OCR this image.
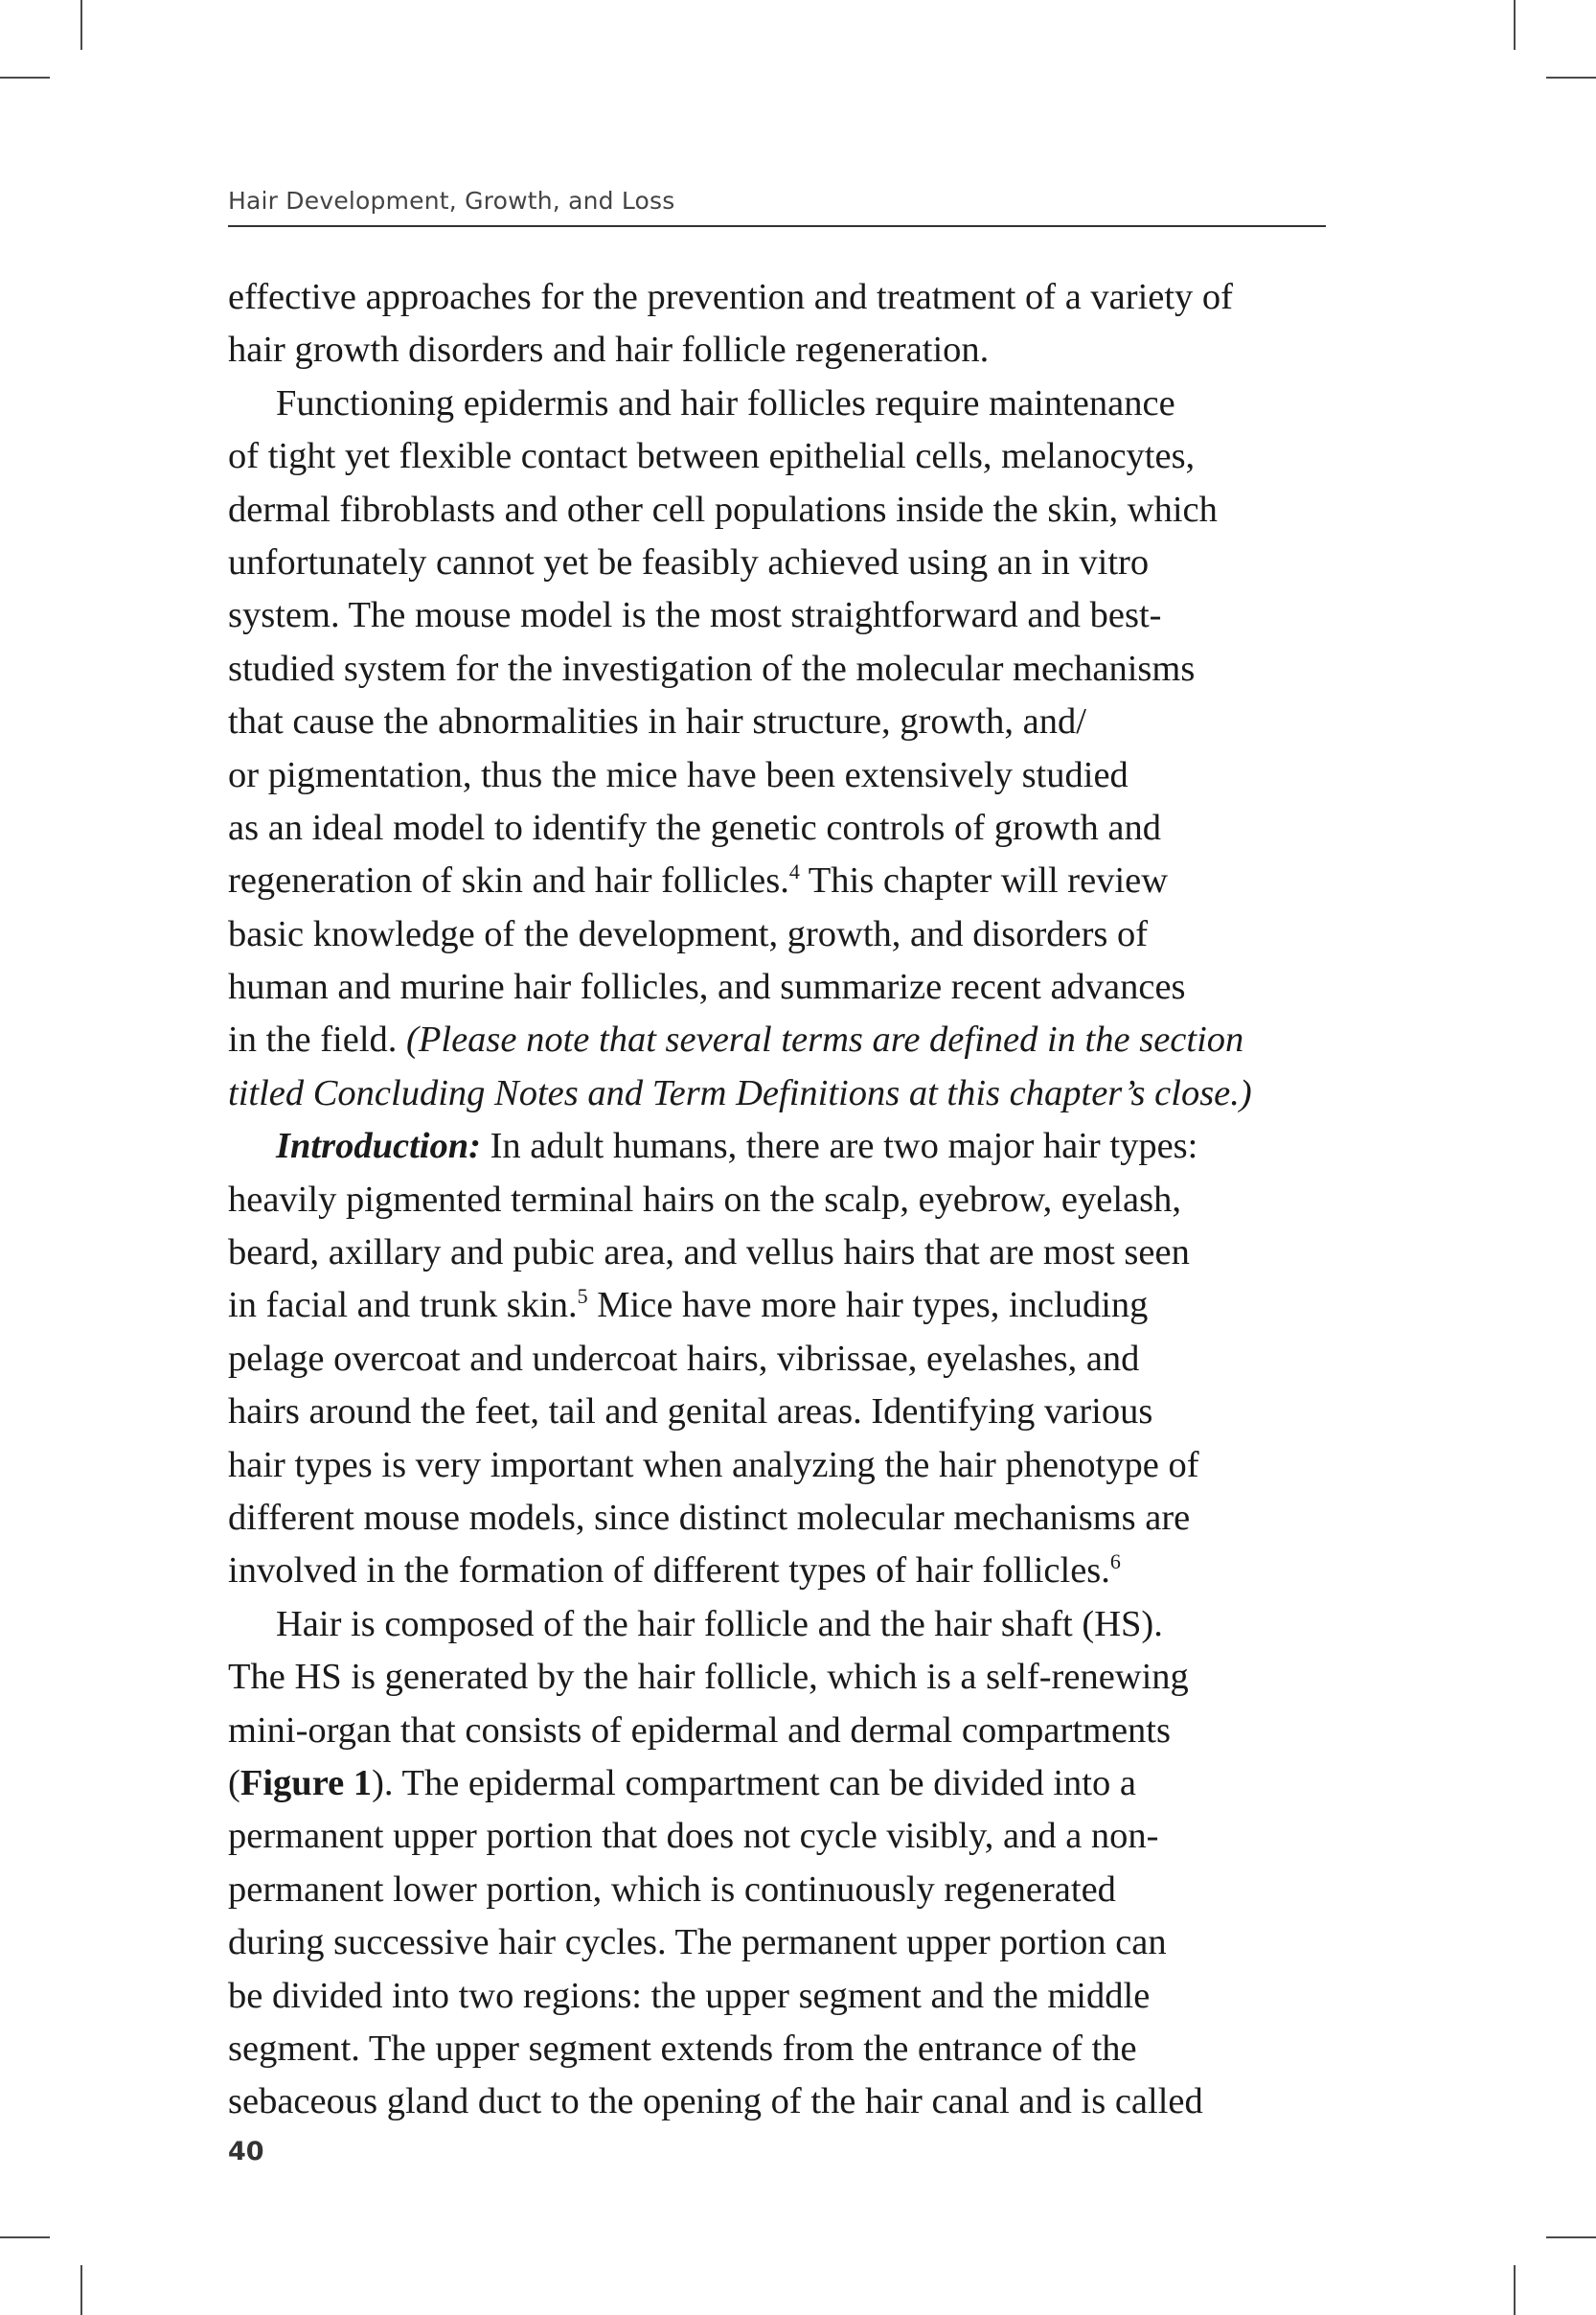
Hair Development, Growth, and Loss
effective approaches for the prevention and treatment of a variety of
hair growth disorders and hair follicle regeneration.
Functioning epidermis and hair follicles require maintenance
of tight yet flexible contact between epithelial cells, melanocytes,
dermal fibroblasts and other cell populations inside the skin, which
unfortunately cannot yet be feasibly achieved using an in vitro
system. The mouse model is the most straightforward and best-
studied system for the investigation of the molecular mechanisms
that cause the abnormalities in hair structure, growth, and/
or pigmentation, thus the mice have been extensively studied
as an ideal model to identify the genetic controls of growth and
regeneration of skin and hair follicles.$^4$ This chapter will review
basic knowledge of the development, growth, and disorders of
human and murine hair follicles, and summarize recent advances
in the field. (Please note that several terms are defined in the section
titled Concluding Notes and Term Definitions at this chapter’s close.)
Introduction: In adult humans, there are two major hair types:
heavily pigmented terminal hairs on the scalp, eyebrow, eyelash,
beard, axillary and pubic area, and vellus hairs that are most seen
in facial and trunk skin.$^5$ Mice have more hair types, including
pelage overcoat and undercoat hairs, vibrissae, eyelashes, and
hairs around the feet, tail and genital areas. Identifying various
hair types is very important when analyzing the hair phenotype of
different mouse models, since distinct molecular mechanisms are
involved in the formation of different types of hair follicles.$^6$
Hair is composed of the hair follicle and the hair shaft (HS).
The HS is generated by the hair follicle, which is a self-renewing
mini-organ that consists of epidermal and dermal compartments
(Figure 1). The epidermal compartment can be divided into a
permanent upper portion that does not cycle visibly, and a non-
permanent lower portion, which is continuously regenerated
during successive hair cycles. The permanent upper portion can
be divided into two regions: the upper segment and the middle
segment. The upper segment extends from the entrance of the
sebaceous gland duct to the opening of the hair canal and is called
40
